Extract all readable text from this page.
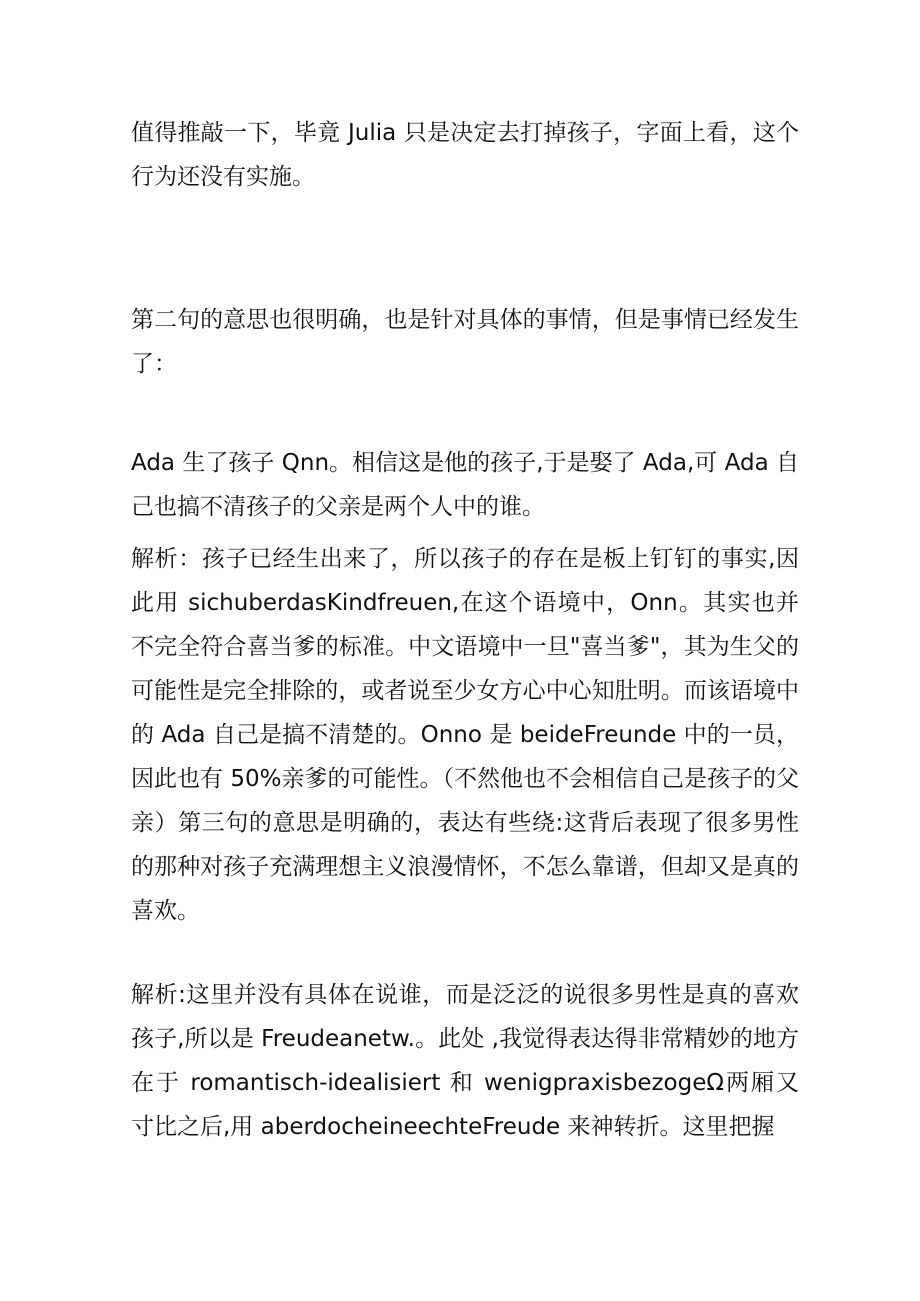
值得推敲一下，毕竟 Julia 只是决定去打掉孩子，字面上看，这个行为还没有实施。

第二句的意思也很明确，也是针对具体的事情，但是事情已经发生了：

Ada 生了孩子 Qnn。相信这是他的孩子,于是娶了 Ada,可 Ada 自己也搞不清孩子的父亲是两个人中的谁。

解析：孩子已经生出来了，所以孩子的存在是板上钉钉的事实,因此用 sichuberdasKindfreuen,在这个语境中，Onn。其实也并不完全符合喜当爹的标准。中文语境中一旦"喜当爹"，其为生父的可能性是完全排除的，或者说至少女方心中心知肚明。而该语境中的 Ada 自己是搞不清楚的。Onno 是 beideFreunde 中的一员，因此也有 50%亲爹的可能性。（不然他也不会相信自己是孩子的父亲）第三句的意思是明确的，表达有些绕:这背后表现了很多男性的那种对孩子充满理想主义浪漫情怀，不怎么靠谱，但却又是真的喜欢。

解析:这里并没有具体在说谁，而是泛泛的说很多男性是真的喜欢孩子,所以是 Freudeanetw.。此处 ,我觉得表达得非常精妙的地方在于 romantisch-idealisiert 和 wenigpraxisbezogeΩ两厢又寸比之后,用 aberdocheineechteFreude 来神转折。这里把握
